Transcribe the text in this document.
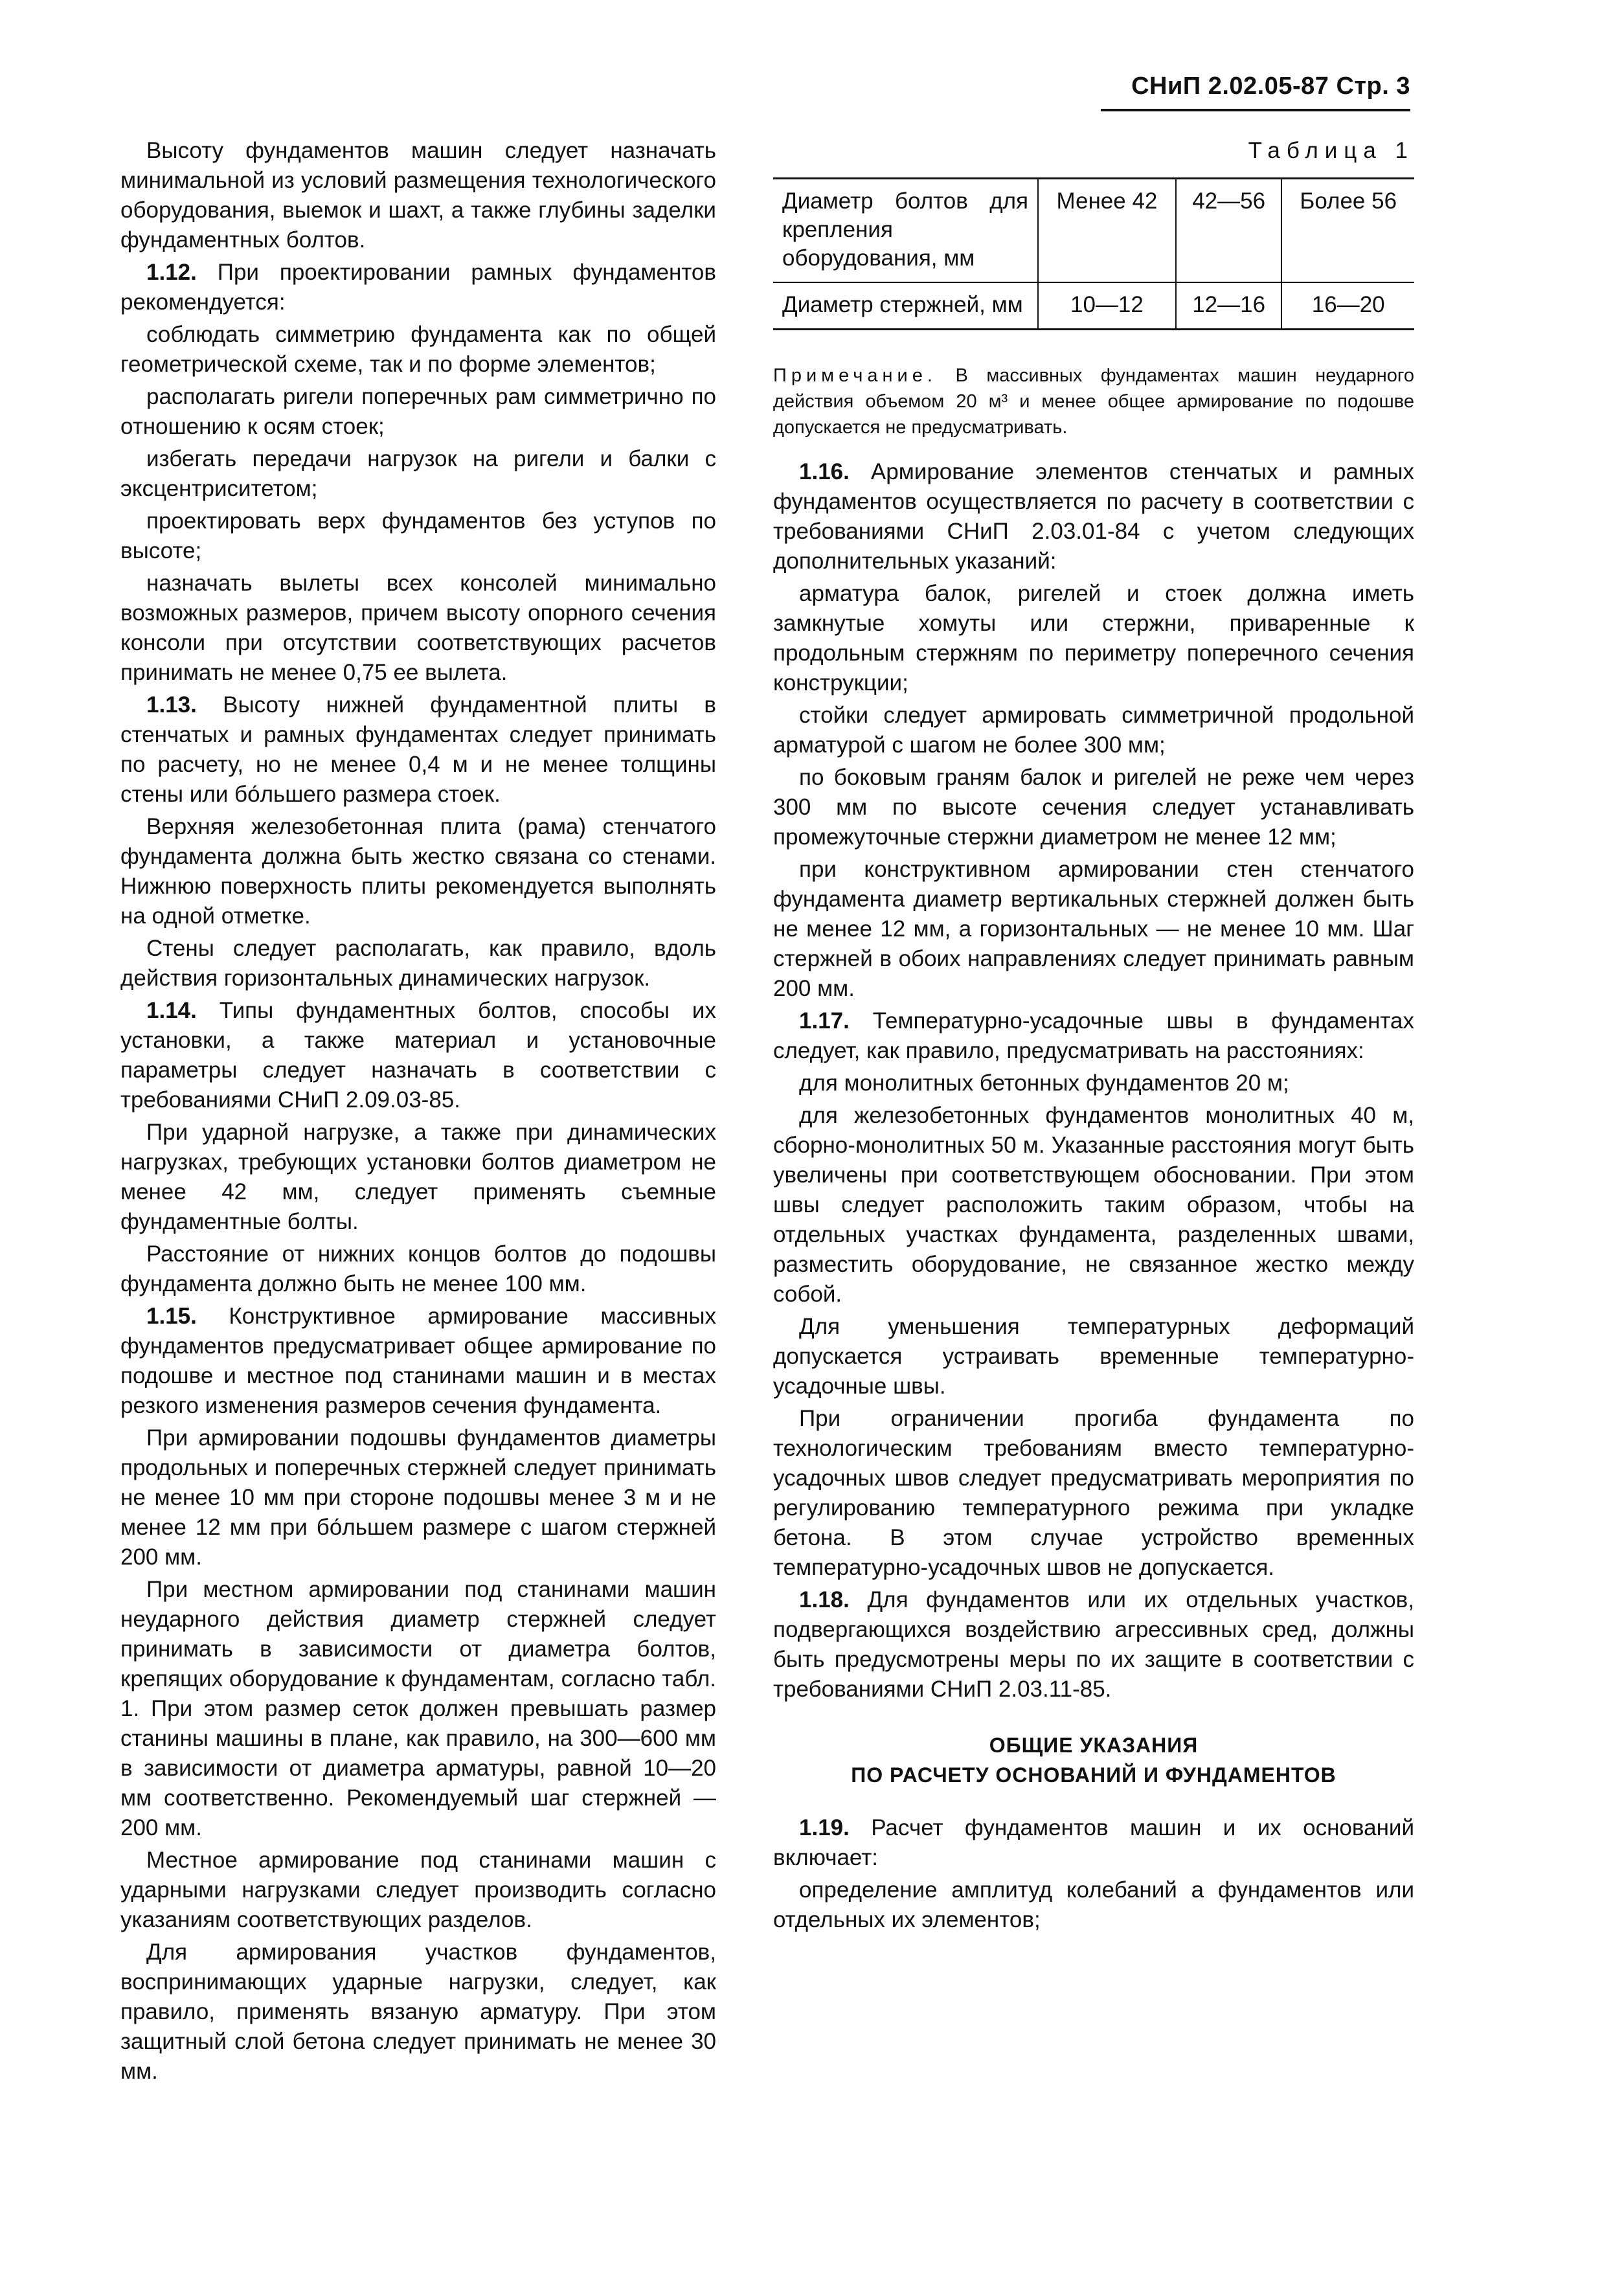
СНиП 2.02.05-87 Стр. 3

Высоту фундаментов машин следует назначать минимальной из условий размещения технологического оборудования, выемок и шахт, а также глубины заделки фундаментных болтов.

1.12. При проектировании рамных фундаментов рекомендуется:

соблюдать симметрию фундамента как по общей геометрической схеме, так и по форме элементов;

располагать ригели поперечных рам симметрично по отношению к осям стоек;

избегать передачи нагрузок на ригели и балки с эксцентриситетом;

проектировать верх фундаментов без уступов по высоте;

назначать вылеты всех консолей минимально возможных размеров, причем высоту опорного сечения консоли при отсутствии соответствующих расчетов принимать не менее 0,75 ее вылета.

1.13. Высоту нижней фундаментной плиты в стенчатых и рамных фундаментах следует принимать по расчету, но не менее 0,4 м и не менее толщины стены или бо́льшего размера стоек.

Верхняя железобетонная плита (рама) стенчатого фундамента должна быть жестко связана со стенами. Нижнюю поверхность плиты рекомендуется выполнять на одной отметке.

Стены следует располагать, как правило, вдоль действия горизонтальных динамических нагрузок.

1.14. Типы фундаментных болтов, способы их установки, а также материал и установочные параметры следует назначать в соответствии с требованиями СНиП 2.09.03-85.

При ударной нагрузке, а также при динамических нагрузках, требующих установки болтов диаметром не менее 42 мм, следует применять съемные фундаментные болты.

Расстояние от нижних концов болтов до подошвы фундамента должно быть не менее 100 мм.

1.15. Конструктивное армирование массивных фундаментов предусматривает общее армирование по подошве и местное под станинами машин и в местах резкого изменения размеров сечения фундамента.

При армировании подошвы фундаментов диаметры продольных и поперечных стержней следует принимать не менее 10 мм при стороне подошвы менее 3 м и не менее 12 мм при бо́льшем размере с шагом стержней 200 мм.

При местном армировании под станинами машин неударного действия диаметр стержней следует принимать в зависимости от диаметра болтов, крепящих оборудование к фундаментам, согласно табл. 1. При этом размер сеток должен превышать размер станины машины в плане, как правило, на 300—600 мм в зависимости от диаметра арматуры, равной 10—20 мм соответственно. Рекомендуемый шаг стержней — 200 мм.

Местное армирование под станинами машин с ударными нагрузками следует производить согласно указаниям соответствующих разделов.

Для армирования участков фундаментов, воспринимающих ударные нагрузки, следует, как правило, применять вязаную арматуру. При этом защитный слой бетона следует принимать не менее 30 мм.

Таблица 1
Диаметр болтов для крепления оборудования, мм	Менее 42	42—56	Более 56
Диаметр стержней, мм	10—12	12—16	16—20
Примечание. В массивных фундаментах машин неударного действия объемом 20 м³ и менее общее армирование по подошве допускается не предусматривать.

1.16. Армирование элементов стенчатых и рамных фундаментов осуществляется по расчету в соответствии с требованиями СНиП 2.03.01-84 с учетом следующих дополнительных указаний:

арматура балок, ригелей и стоек должна иметь замкнутые хомуты или стержни, приваренные к продольным стержням по периметру поперечного сечения конструкции;

стойки следует армировать симметричной продольной арматурой с шагом не более 300 мм;

по боковым граням балок и ригелей не реже чем через 300 мм по высоте сечения следует устанавливать промежуточные стержни диаметром не менее 12 мм;

при конструктивном армировании стен стенчатого фундамента диаметр вертикальных стержней должен быть не менее 12 мм, а горизонтальных — не менее 10 мм. Шаг стержней в обоих направлениях следует принимать равным 200 мм.

1.17. Температурно-усадочные швы в фундаментах следует, как правило, предусматривать на расстояниях:

для монолитных бетонных фундаментов 20 м;

для железобетонных фундаментов монолитных 40 м, сборно-монолитных 50 м. Указанные расстояния могут быть увеличены при соответствующем обосновании. При этом швы следует расположить таким образом, чтобы на отдельных участках фундамента, разделенных швами, разместить оборудование, не связанное жестко между собой.

Для уменьшения температурных деформаций допускается устраивать временные температурно-усадочные швы.

При ограничении прогиба фундамента по технологическим требованиям вместо температурно-усадочных швов следует предусматривать мероприятия по регулированию температурного режима при укладке бетона. В этом случае устройство временных температурно-усадочных швов не допускается.

1.18. Для фундаментов или их отдельных участков, подвергающихся воздействию агрессивных сред, должны быть предусмотрены меры по их защите в соответствии с требованиями СНиП 2.03.11-85.

ОБЩИЕ УКАЗАНИЯ
ПО РАСЧЕТУ ОСНОВАНИЙ И ФУНДАМЕНТОВ

1.19. Расчет фундаментов машин и их оснований включает:

определение амплитуд колебаний a фундаментов или отдельных их элементов;
